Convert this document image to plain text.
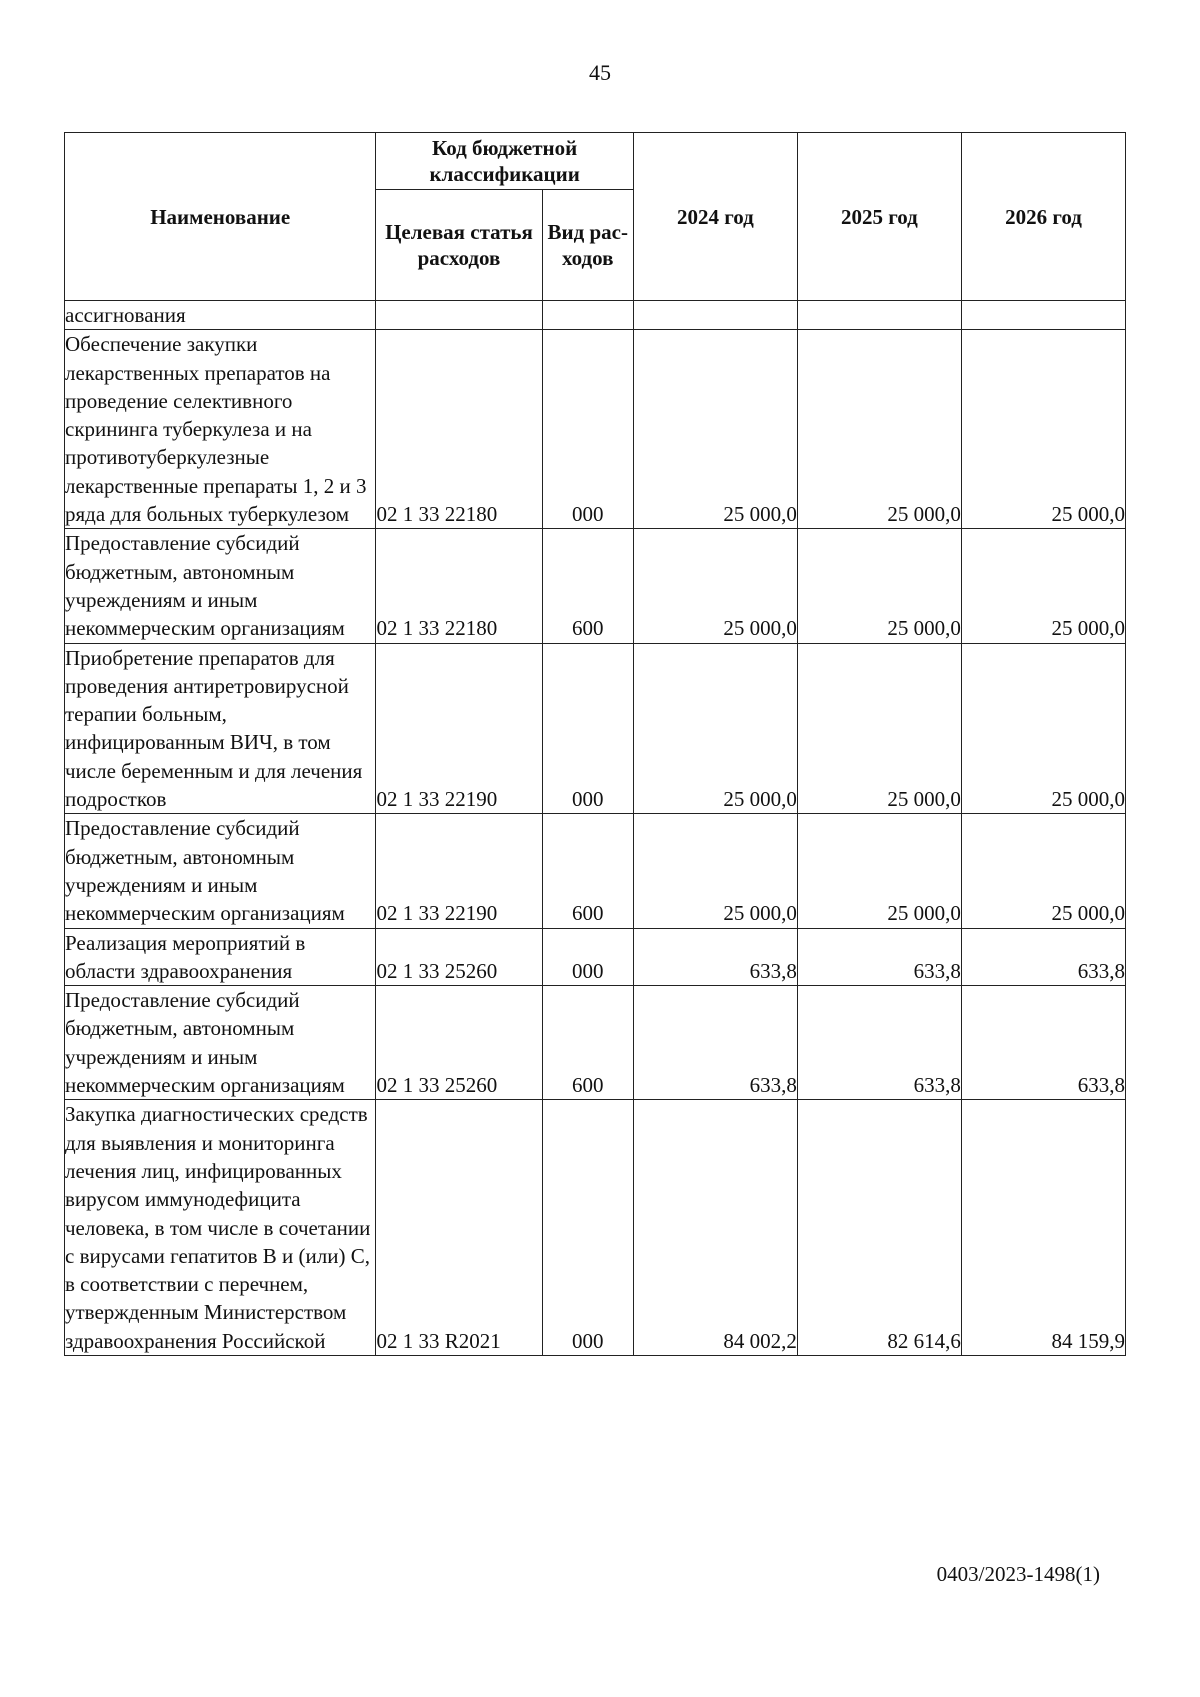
45
Наименование	Код бюджетной классификации		2024 год	2025 год	2026 год
	Целевая статья расходов	Вид рас-ходов			
ассигнования					
Обеспечение закупки лекарственных препаратов на проведение селективного скрининга туберкулеза и на противотуберкулезные лекарственные препараты 1, 2 и 3 ряда для больных туберкулезом	02 1 33 22180	000	25 000,0	25 000,0	25 000,0
Предоставление субсидий бюджетным, автономным учреждениям и иным некоммерческим организациям	02 1 33 22180	600	25 000,0	25 000,0	25 000,0
Приобретение препаратов для проведения антиретровирусной терапии больным, инфицированным ВИЧ, в том числе беременным и для лечения подростков	02 1 33 22190	000	25 000,0	25 000,0	25 000,0
Предоставление субсидий бюджетным, автономным учреждениям и иным некоммерческим организациям	02 1 33 22190	600	25 000,0	25 000,0	25 000,0
Реализация мероприятий в области здравоохранения	02 1 33 25260	000	633,8	633,8	633,8
Предоставление субсидий бюджетным, автономным учреждениям и иным некоммерческим организациям	02 1 33 25260	600	633,8	633,8	633,8
Закупка диагностических средств для выявления и мониторинга лечения лиц, инфицированных вирусом иммунодефицита человека, в том числе в сочетании с вирусами гепатитов В и (или) С, в соответствии с перечнем, утвержденным Министерством здравоохранения Российской	02 1 33 R2021	000	84 002,2	82 614,6	84 159,9
0403/2023-1498(1)
